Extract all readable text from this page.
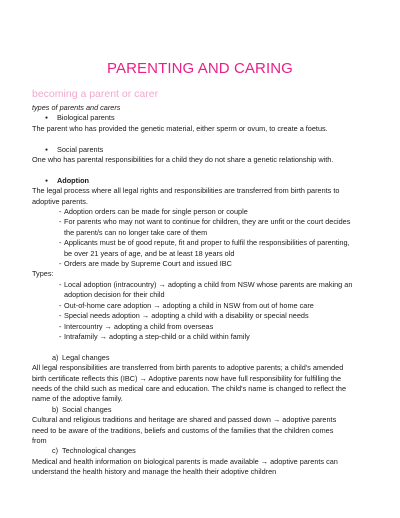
PARENTING AND CARING
becoming a parent or carer
types of parents and carers
● Biological parents
The parent who has provided the genetic material, either sperm or ovum, to create a foetus.
● Social parents
One who has parental responsibilities for a child they do not share a genetic relationship with.
● Adoption
The legal process where all legal rights and responsibilities are transferred from birth parents to
adoptive parents.
- Adoption orders can be made for single person or couple
- For parents who may not want to continue for children, they are unfit or the court decides
the parent/s can no longer take care of them
- Applicants must be of good repute, fit and proper to fulfil the responsibilities of parenting,
be over 21 years of age, and be at least 18 years old
- Orders are made by Supreme Court and issued IBC
Types:
- Local adoption (intracountry) → adopting a child from NSW whose parents are making an
adoption decision for their child
- Out-of-home care adoption → adopting a child in NSW from out of home care
- Special needs adoption → adopting a child with a disability or special needs
- Intercountry → adopting a child from overseas
- Intrafamily → adopting a step-child or a child within family
a) Legal changes
All legal responsibilities are transferred from birth parents to adoptive parents; a child's amended
birth certificate reflects this (IBC) → Adoptive parents now have full responsibility for fulfilling the
needs of the child such as medical care and education. The child's name is changed to reflect the
name of the adoptive family.
b) Social changes
Cultural and religious traditions and heritage are shared and passed down → adoptive parents
need to be aware of the traditions, beliefs and customs of the families that the children comes
from
c) Technological changes
Medical and health information on biological parents is made available → adoptive parents can
understand the health history and manage the health their adoptive children
